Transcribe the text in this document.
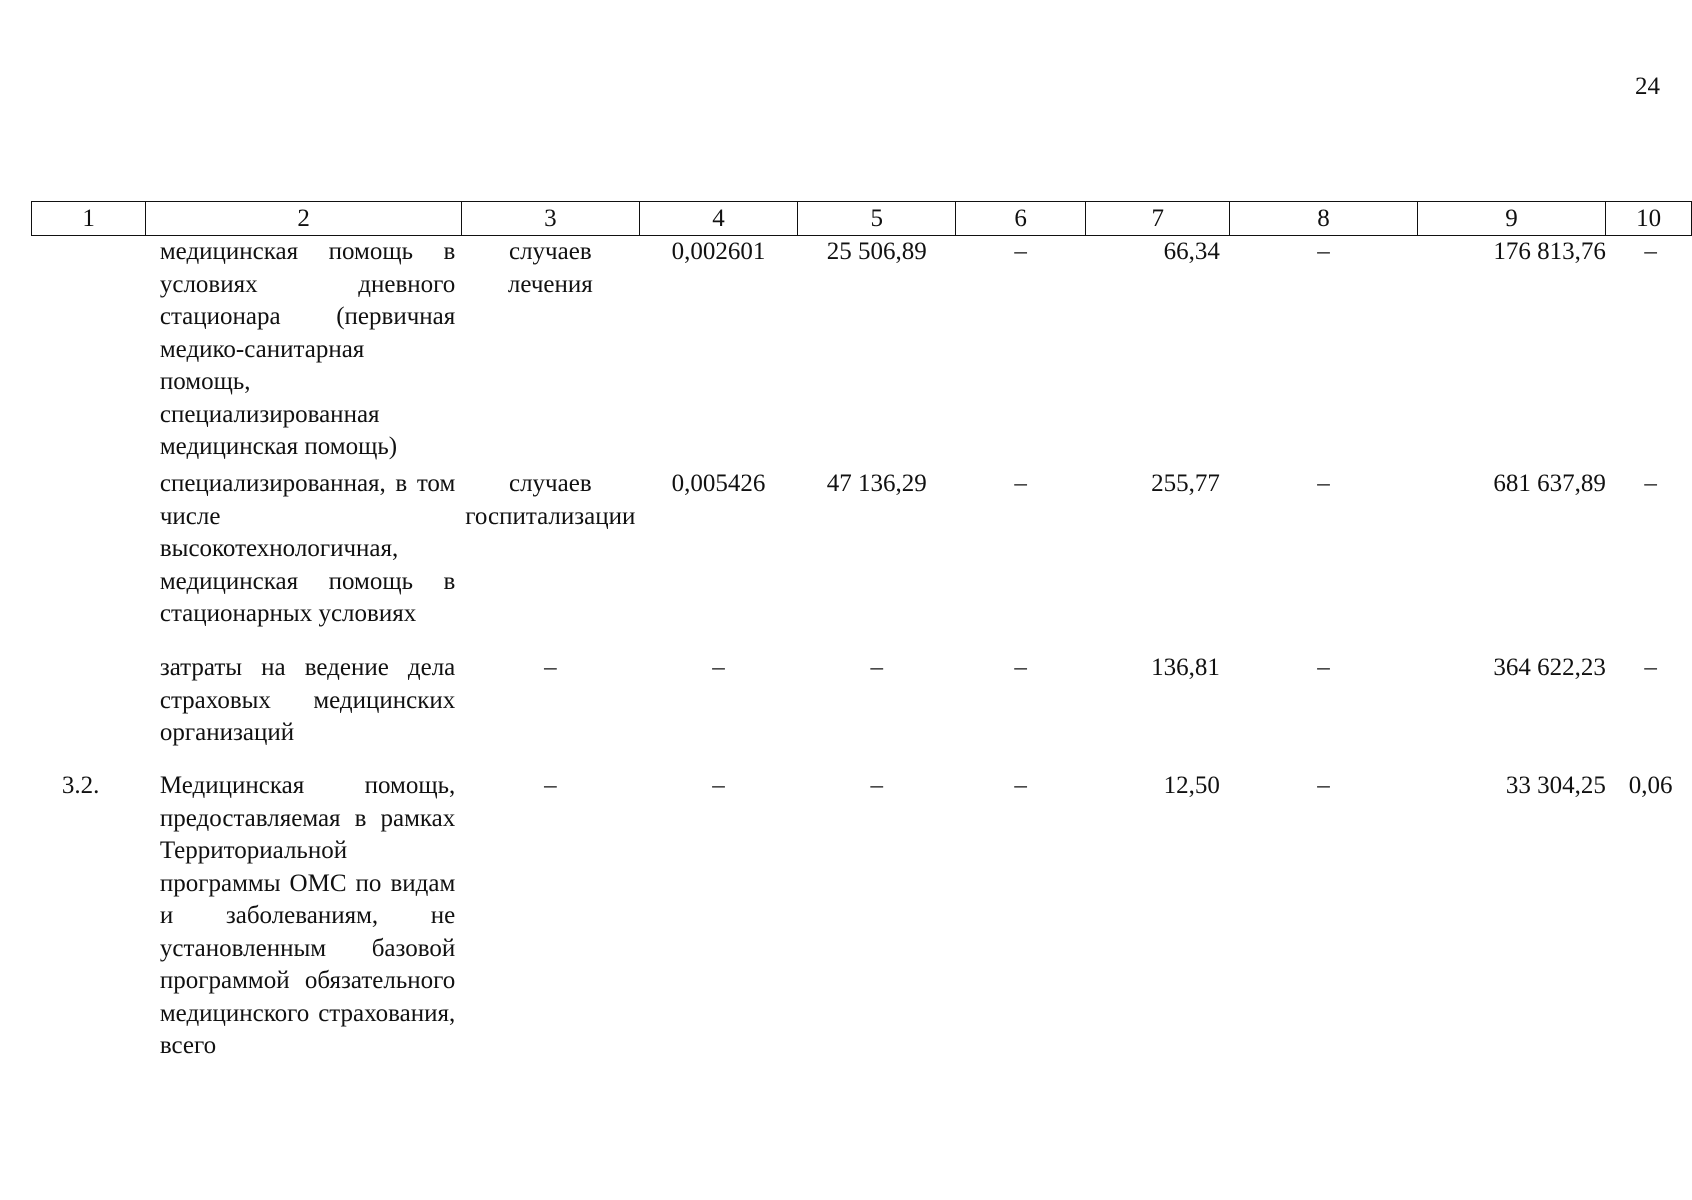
24
1	2	3	4	5	6	7	8	9	10
	медицинская помощь в условиях дневного стационара (первичная медико-санитарная помощь, специализированная медицинская помощь)	случаев лечения	0,002601	25 506,89	–	66,34	–	176 813,76	–
	специализированная, в том числе высокотехнологичная, медицинская помощь в стационарных условиях	случаев госпитализации	0,005426	47 136,29	–	255,77	–	681 637,89	–
	затраты на ведение дела страховых медицинских организаций	–	–	–	–	136,81	–	364 622,23	–
3.2.	Медицинская помощь, предоставляемая в рамках Территориальной программы ОМС по видам и заболеваниям, не установленным базовой программой обязательного медицинского страхования, всего	–	–	–	–	12,50	–	33 304,25	0,06
